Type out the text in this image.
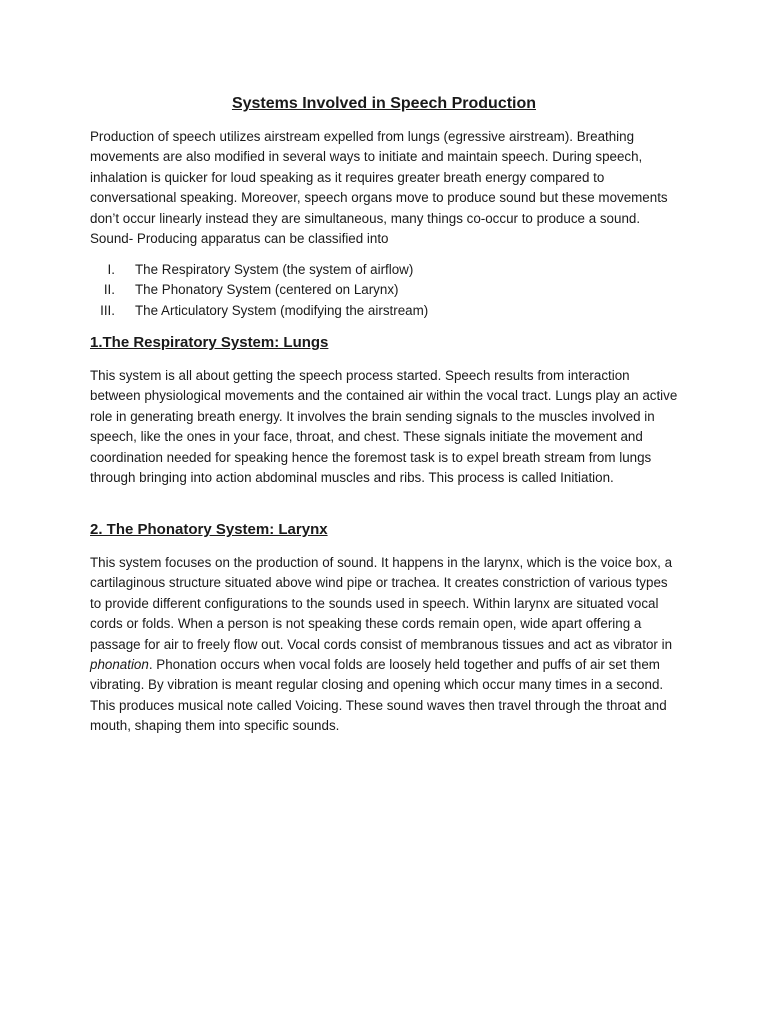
Systems Involved in Speech Production

Production of speech utilizes airstream expelled from lungs (egressive airstream). Breathing movements are also modified in several ways to initiate and maintain speech. During speech, inhalation is quicker for loud speaking as it requires greater breath energy compared to conversational speaking. Moreover, speech organs move to produce sound but these movements don’t occur linearly instead they are simultaneous, many things co-occur to produce a sound. Sound- Producing apparatus can be classified into

I. The Respiratory System (the system of airflow)
II. The Phonatory System (centered on Larynx)
III. The Articulatory System (modifying the airstream)
1.The Respiratory System: Lungs

This system is all about getting the speech process started. Speech results from interaction between physiological movements and the contained air within the vocal tract. Lungs play an active role in generating breath energy. It involves the brain sending signals to the muscles involved in speech, like the ones in your face, throat, and chest. These signals initiate the movement and coordination needed for speaking hence the foremost task is to expel breath stream from lungs through bringing into action abdominal muscles and ribs. This process is called Initiation.

2. The Phonatory System: Larynx

This system focuses on the production of sound. It happens in the larynx, which is the voice box, a cartilaginous structure situated above wind pipe or trachea. It creates constriction of various types to provide different configurations to the sounds used in speech. Within larynx are situated vocal cords or folds. When a person is not speaking these cords remain open, wide apart offering a passage for air to freely flow out. Vocal cords consist of membranous tissues and act as vibrator in phonation. Phonation occurs when vocal folds are loosely held together and puffs of air set them vibrating. By vibration is meant regular closing and opening which occur many times in a second. This produces musical note called Voicing. These sound waves then travel through the throat and mouth, shaping them into specific sounds.
